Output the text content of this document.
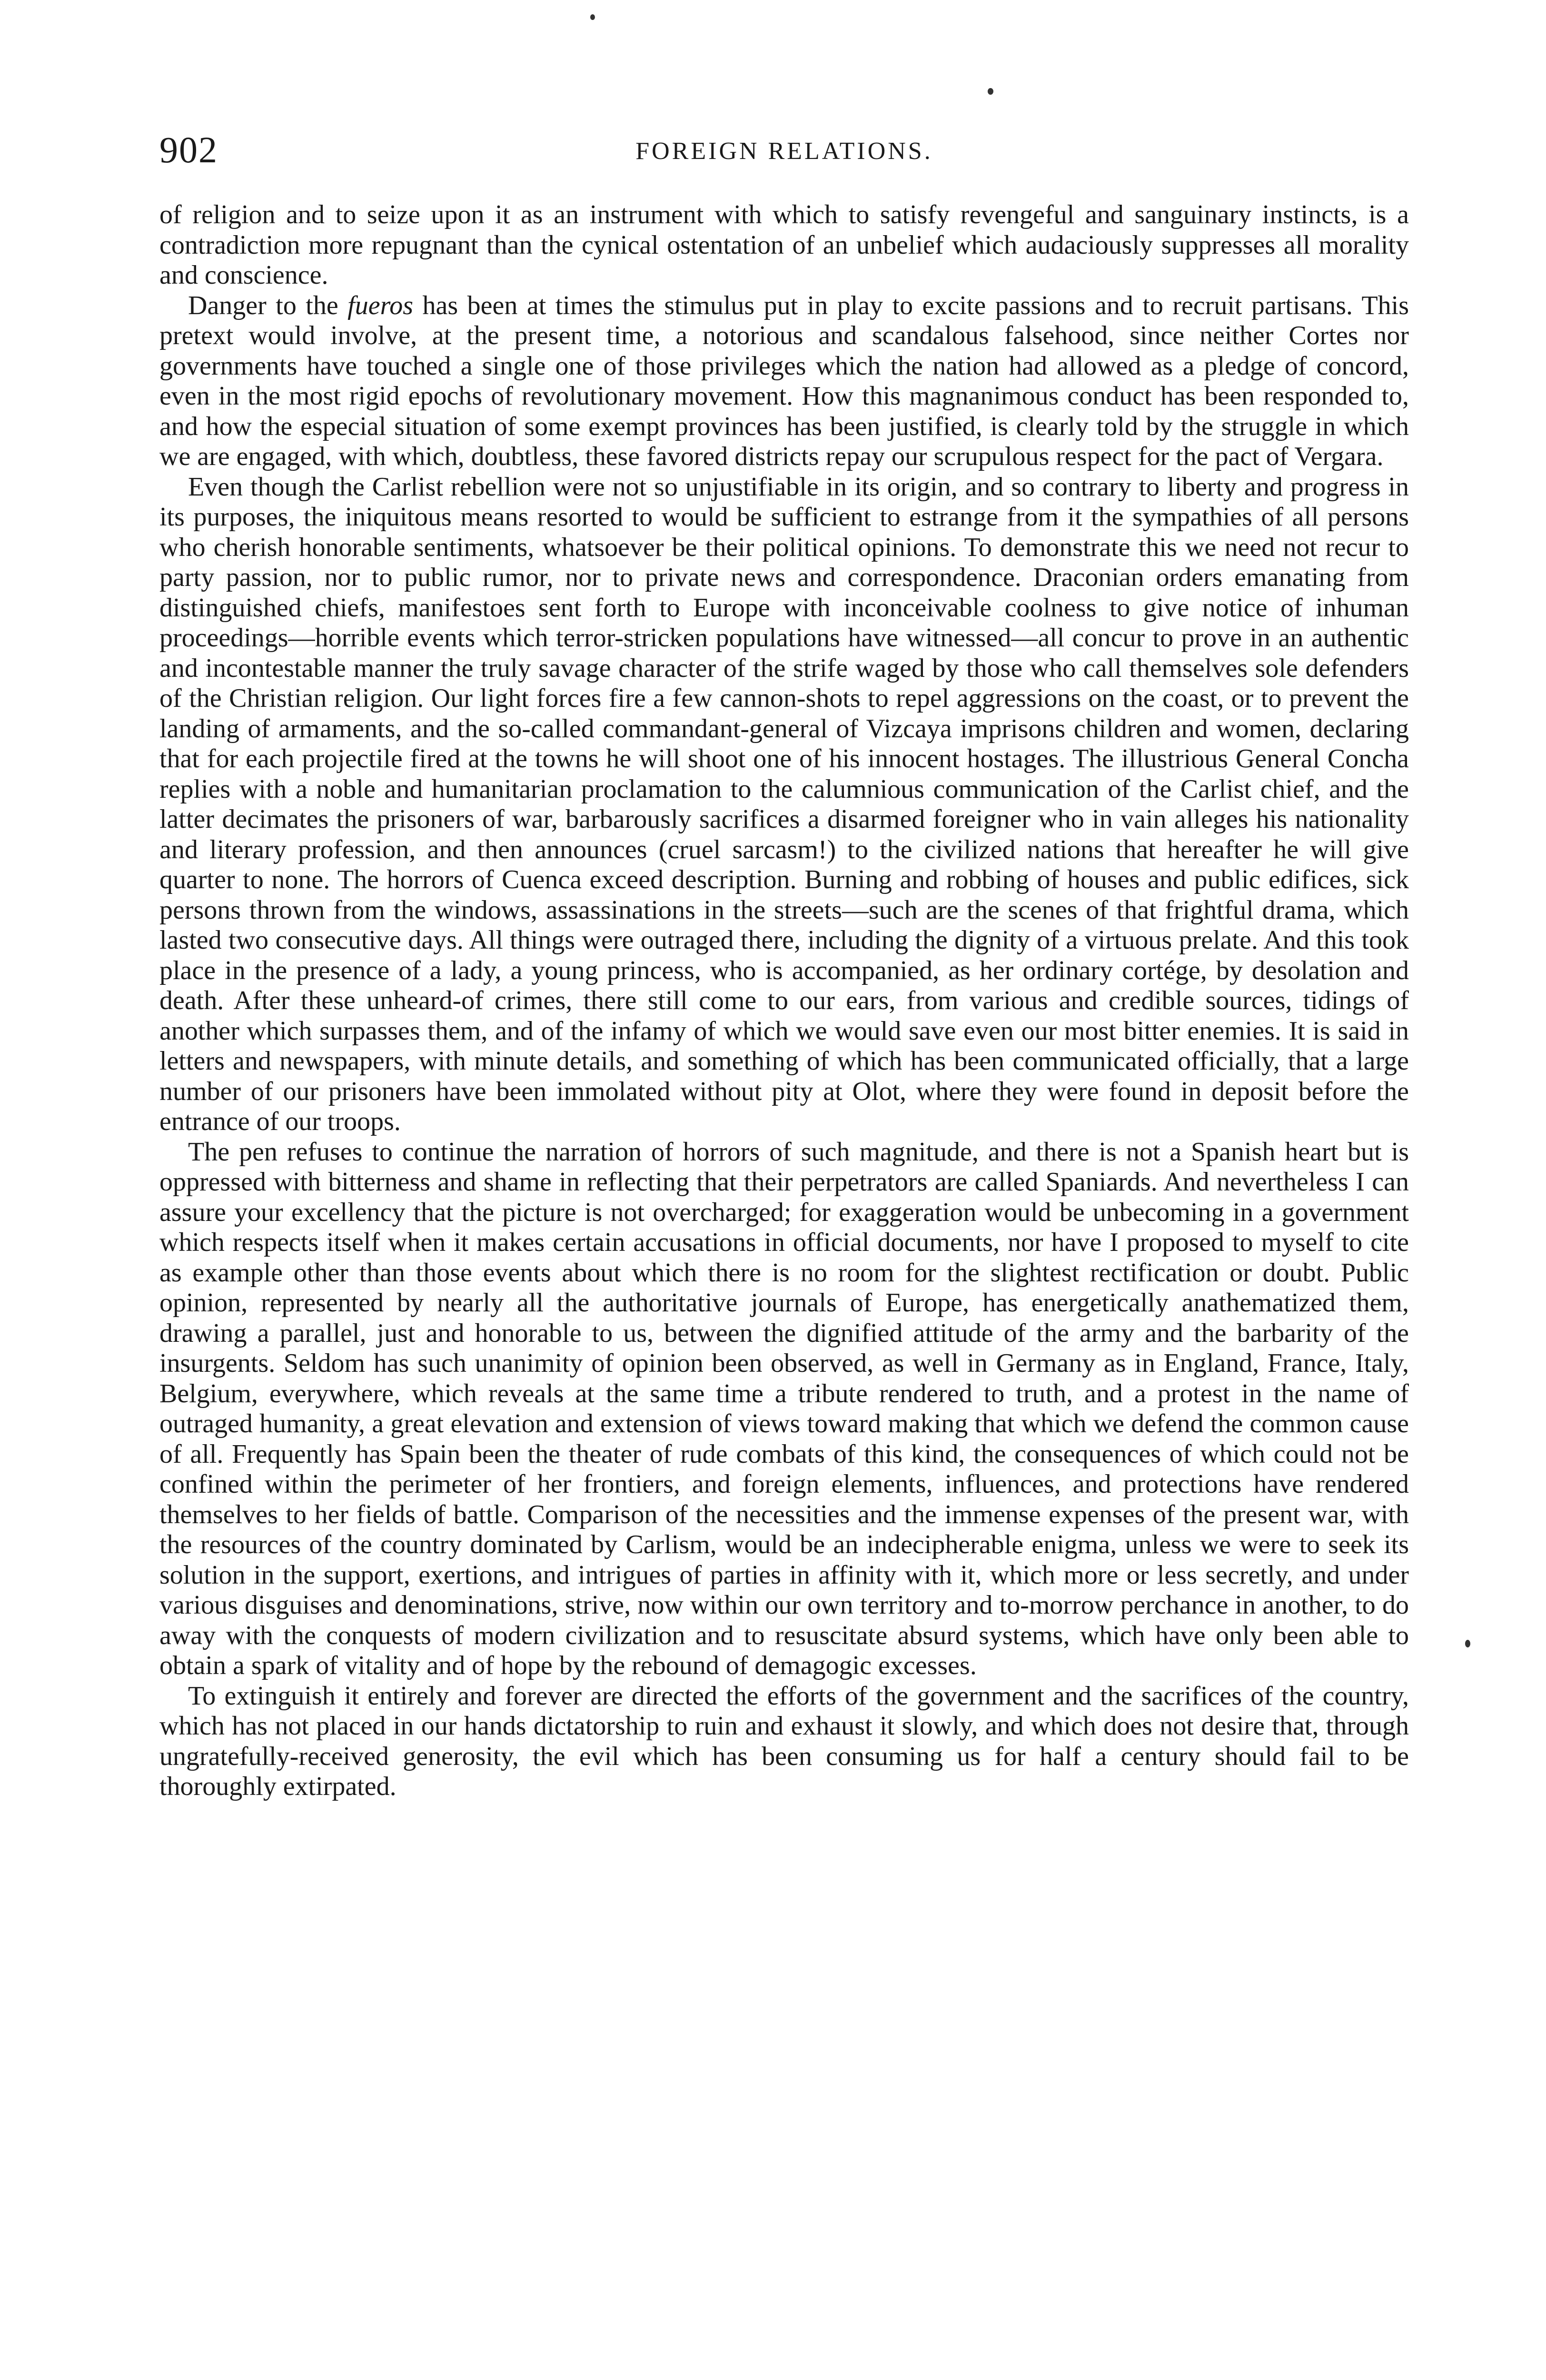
902	FOREIGN RELATIONS.

of religion and to seize upon it as an instrument with which to satisfy revengeful and sanguinary instincts, is a contradiction more repugnant than the cynical ostentation of an unbelief which audaciously suppresses all morality and conscience.

Danger to the fueros has been at times the stimulus put in play to excite passions and to recruit partisans. This pretext would involve, at the present time, a notorious and scandalous falsehood, since neither Cortes nor governments have touched a single one of those privileges which the nation had allowed as a pledge of concord, even in the most rigid epochs of revolutionary movement. How this magnanimous conduct has been responded to, and how the especial situation of some exempt provinces has been justified, is clearly told by the struggle in which we are engaged, with which, doubtless, these favored districts repay our scrupulous respect for the pact of Vergara.

Even though the Carlist rebellion were not so unjustifiable in its origin, and so contrary to liberty and progress in its purposes, the iniquitous means resorted to would be sufficient to estrange from it the sympathies of all persons who cherish honorable sentiments, whatsoever be their political opinions. To demonstrate this we need not recur to party passion, nor to public rumor, nor to private news and correspondence. Draconian orders emanating from distinguished chiefs, manifestoes sent forth to Europe with inconceivable coolness to give notice of inhuman proceedings—horrible events which terror-stricken populations have witnessed—all concur to prove in an authentic and incontestable manner the truly savage character of the strife waged by those who call themselves sole defenders of the Christian religion. Our light forces fire a few cannon-shots to repel aggressions on the coast, or to prevent the landing of armaments, and the so-called commandant-general of Vizcaya imprisons children and women, declaring that for each projectile fired at the towns he will shoot one of his innocent hostages. The illustrious General Concha replies with a noble and humanitarian proclamation to the calumnious communication of the Carlist chief, and the latter decimates the prisoners of war, barbarously sacrifices a disarmed foreigner who in vain alleges his nationality and literary profession, and then announces (cruel sarcasm!) to the civilized nations that hereafter he will give quarter to none. The horrors of Cuenca exceed description. Burning and robbing of houses and public edifices, sick persons thrown from the windows, assassinations in the streets—such are the scenes of that frightful drama, which lasted two consecutive days. All things were outraged there, including the dignity of a virtuous prelate. And this took place in the presence of a lady, a young princess, who is accompanied, as her ordinary cortége, by desolation and death. After these unheard-of crimes, there still come to our ears, from various and credible sources, tidings of another which surpasses them, and of the infamy of which we would save even our most bitter enemies. It is said in letters and newspapers, with minute details, and something of which has been communicated officially, that a large number of our prisoners have been immolated without pity at Olot, where they were found in deposit before the entrance of our troops.

The pen refuses to continue the narration of horrors of such magnitude, and there is not a Spanish heart but is oppressed with bitterness and shame in reflecting that their perpetrators are called Spaniards. And nevertheless I can assure your excellency that the picture is not overcharged; for exaggeration would be unbecoming in a government which respects itself when it makes certain accusations in official documents, nor have I proposed to myself to cite as example other than those events about which there is no room for the slightest rectification or doubt. Public opinion, represented by nearly all the authoritative journals of Europe, has energetically anathematized them, drawing a parallel, just and honorable to us, between the dignified attitude of the army and the barbarity of the insurgents. Seldom has such unanimity of opinion been observed, as well in Germany as in England, France, Italy, Belgium, everywhere, which reveals at the same time a tribute rendered to truth, and a protest in the name of outraged humanity, a great elevation and extension of views toward making that which we defend the common cause of all. Frequently has Spain been the theater of rude combats of this kind, the consequences of which could not be confined within the perimeter of her frontiers, and foreign elements, influences, and protections have rendered themselves to her fields of battle. Comparison of the necessities and the immense expenses of the present war, with the resources of the country dominated by Carlism, would be an indecipherable enigma, unless we were to seek its solution in the support, exertions, and intrigues of parties in affinity with it, which more or less secretly, and under various disguises and denominations, strive, now within our own territory and to-morrow perchance in another, to do away with the conquests of modern civilization and to resuscitate absurd systems, which have only been able to obtain a spark of vitality and of hope by the rebound of demagogic excesses.

To extinguish it entirely and forever are directed the efforts of the government and the sacrifices of the country, which has not placed in our hands dictatorship to ruin and exhaust it slowly, and which does not desire that, through ungratefully-received generosity, the evil which has been consuming us for half a century should fail to be thoroughly extirpated.
